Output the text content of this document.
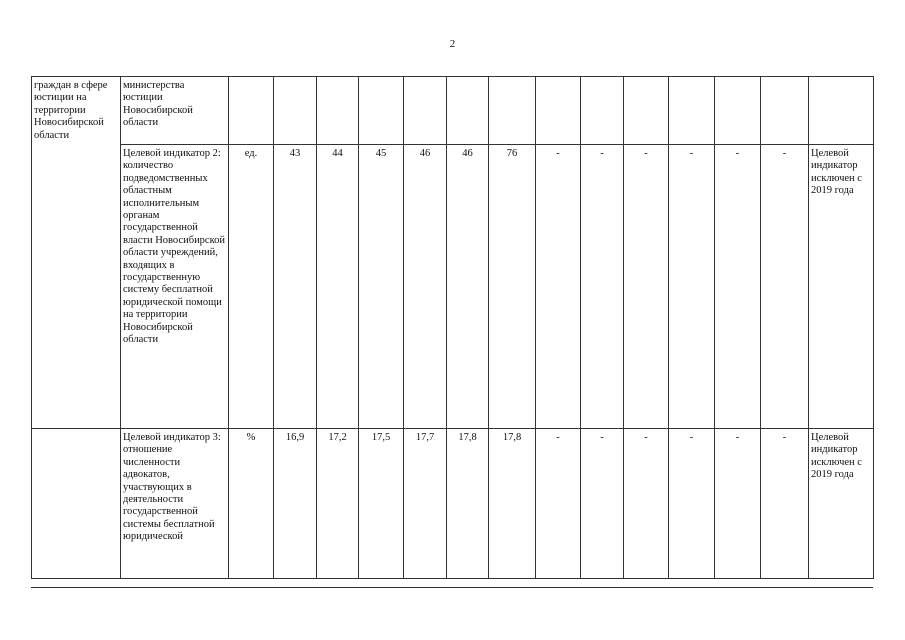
2
граждан в сфере юстиции на территории Новосибирской области	министерства юстиции Новосибирской области														
	Целевой индикатор 2: количество подведомственных областным исполнительным органам государственной власти Новосибирской области учреждений, входящих в государственную систему бесплатной юридической помощи на территории Новосибирской области	ед.	43	44	45	46	46	76	-	-	-	-	-	-	Целевой индикатор исключен с 2019 года
	Целевой индикатор 3: отношение численности адвокатов, участвующих в деятельности государственной системы бесплатной юридической	%	16,9	17,2	17,5	17,7	17,8	17,8	-	-	-	-	-	-	Целевой индикатор исключен с 2019 года
